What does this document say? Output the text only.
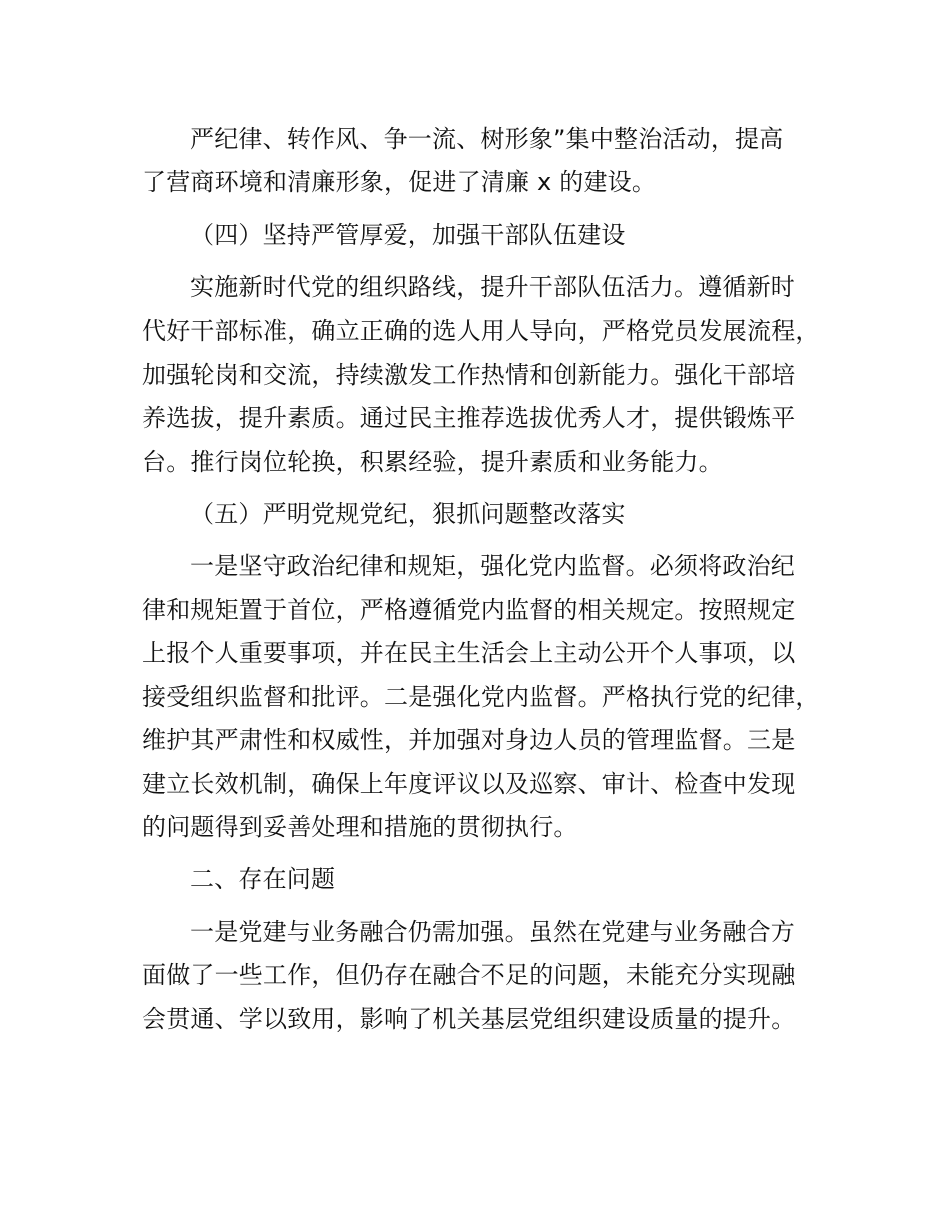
严纪律、转作风、争一流、树形象”集中整治活动，提高
了营商环境和清廉形象，促进了清廉 x 的建设。
（四）坚持严管厚爱，加强干部队伍建设
实施新时代党的组织路线，提升干部队伍活力。遵循新时
代好干部标准，确立正确的选人用人导向，严格党员发展流程，
加强轮岗和交流，持续激发工作热情和创新能力。强化干部培
养选拔，提升素质。通过民主推荐选拔优秀人才，提供锻炼平
台。推行岗位轮换，积累经验，提升素质和业务能力。
（五）严明党规党纪，狠抓问题整改落实
一是坚守政治纪律和规矩，强化党内监督。必须将政治纪
律和规矩置于首位，严格遵循党内监督的相关规定。按照规定
上报个人重要事项，并在民主生活会上主动公开个人事项，以
接受组织监督和批评。二是强化党内监督。严格执行党的纪律，
维护其严肃性和权威性，并加强对身边人员的管理监督。三是
建立长效机制，确保上年度评议以及巡察、审计、检查中发现
的问题得到妥善处理和措施的贯彻执行。
二、存在问题
一是党建与业务融合仍需加强。虽然在党建与业务融合方
面做了一些工作，但仍存在融合不足的问题，未能充分实现融
会贯通、学以致用，影响了机关基层党组织建设质量的提升。
